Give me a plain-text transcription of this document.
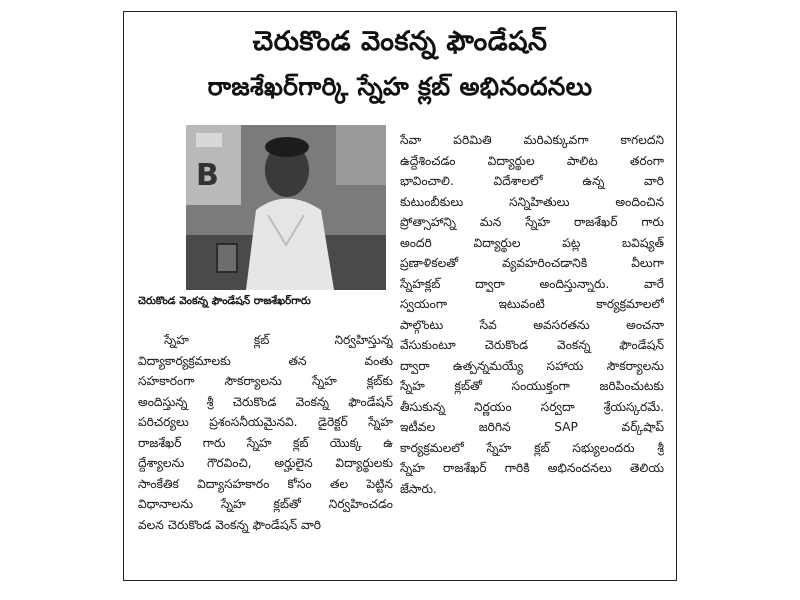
చెరుకొండ వెంకన్న ఫౌండేషన్
రాజశేఖర్‌గార్కి స్నేహ క్లబ్ అభినందనలు
B
చెరుకొండ వెంకన్న ఫౌండేషన్ రాజశేఖర్‌గారు
స్నేహ క్లబ్ నిర్వహిస్తున్న
విద్యాకార్యక్రమాలకు తన వంతు
సహకారంగా సౌకర్యాలను స్నేహ క్లబ్‌కు
అందిస్తున్న శ్రీ చెరుకొండ వెంకన్న ఫౌండేషన్
పరిచర్యలు ప్రశంసనీయమైనవి. డైరెక్టర్ స్నేహ
రాజశేఖర్ గారు స్నేహ క్లబ్ యొక్క ఉ
ద్దేశ్యాలను గౌరవించి, అర్హులైన విద్యార్థులకు
సాంకేతిక విద్యాసహకారం కోసం తల పెట్టిన
విధానాలను స్నేహ క్లబ్‌తో నిర్వహించడం
వలన చెరుకొండ వెంకన్న ఫౌండేషన్ వారి
సేవా పరిమితి మరిఎక్కువగా కాగలదని
ఉద్దేశించడం విద్యార్థుల పాలిట తరంగా
భావించాలి. విదేశాలలో ఉన్న వారి
కుటుంబీకులు సన్నిహితులు అందించిన
ప్రోత్సాహాన్ని మన స్నేహ రాజశేఖర్ గారు
అందరి విద్యార్థుల పట్ల బవిష్యత్
ప్రణాళికలతో వ్యవహరించడానికి వీలుగా
స్నేహక్లబ్ ద్వారా అందిస్తున్నారు. వారే
స్వయంగా ఇటువంటి కార్యక్రమాలలో
పాల్గొంటు సేవ అవసరతను అంచనా
వేసుకుంటూ చెరుకొండ వెంకన్న ఫౌండేషన్
ద్వారా ఉత్పన్నమయ్యే సహాయ సౌకర్యాలను
స్నేహ క్లబ్‌తో సంయుక్తంగా జరిపించుటకు
తీసుకున్న నిర్ణయం సర్వదా శ్రేయస్కరమే.
ఇటీవల జరిగిన SAP వర్క్‌షాప్
కార్యక్రమలలో స్నేహ క్లబ్ సభ్యులందరు శ్రీ
స్నేహ రాజశేఖర్ గారికి అభినందనలు తెలియ
జేసారు.
